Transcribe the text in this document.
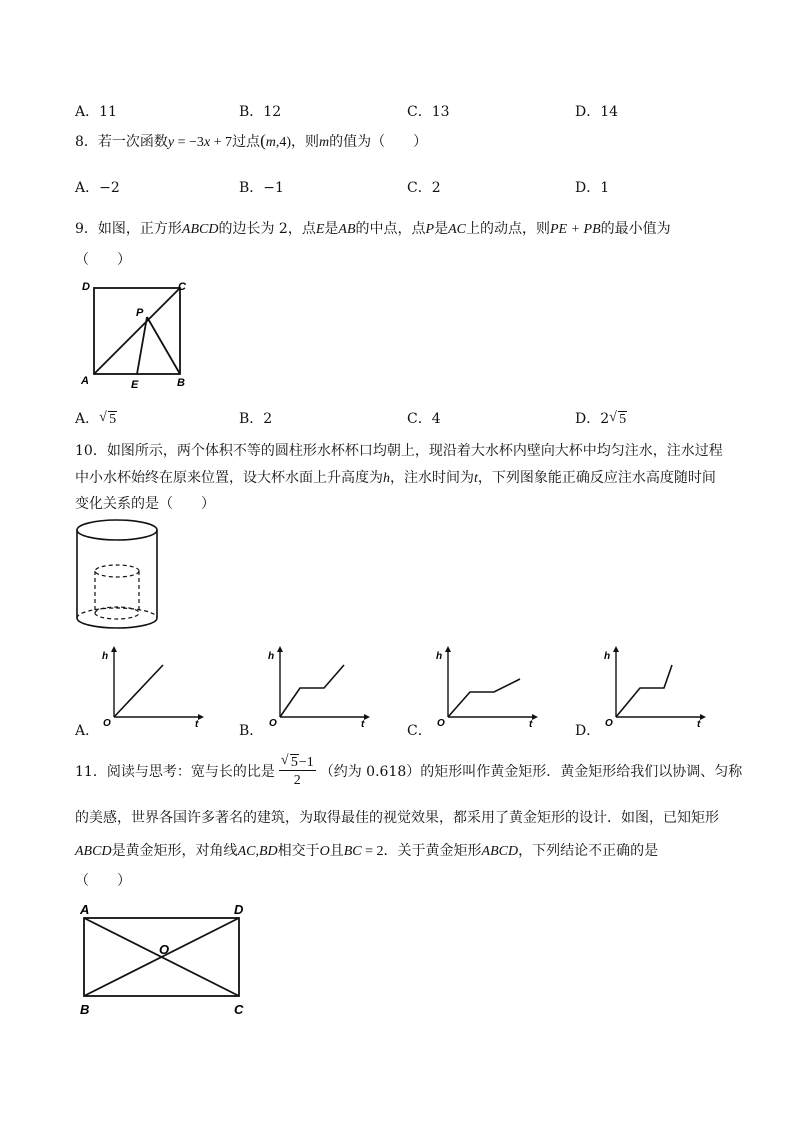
A．11	B．12	C．13	D．14
8．若一次函数y = −3x + 7过点(m,4)，则m的值为（　　）
A．−2	B．−1	C．2	D．1
9．如图，正方形ABCD的边长为 2，点E是AB的中点，点P是AC上的动点，则PE + PB的最小值为
（　　）
D	C
P
A	E	B
A． √ 5	B．2	C．4	D．2 √ 5
10．如图所示，两个体积不等的圆柱形水杯杯口均朝上，现沿着大水杯内壁向大杯中均匀注水，注水过程
中小水杯始终在原来位置，设大杯水面上升高度为h，注水时间为t，下列图象能正确反应注水高度随时间
变化关系的是（　　）
h
O	t
h
O	t
h
O	t
h
O	t
A．	B．	C．	D．
11．阅读与思考：宽与长的比是 $\frac{√ 5-1}{2}$ （约为 0.618）的矩形叫作黄金矩形．黄金矩形给我们以协调、匀称
的美感，世界各国许多著名的建筑，为取得最佳的视觉效果，都采用了黄金矩形的设计．如图，已知矩形
ABCD是黄金矩形，对角线AC,BD相交于O且BC = 2．关于黄金矩形ABCD，下列结论不正确的是
（　　）
A	D
O
B	C
